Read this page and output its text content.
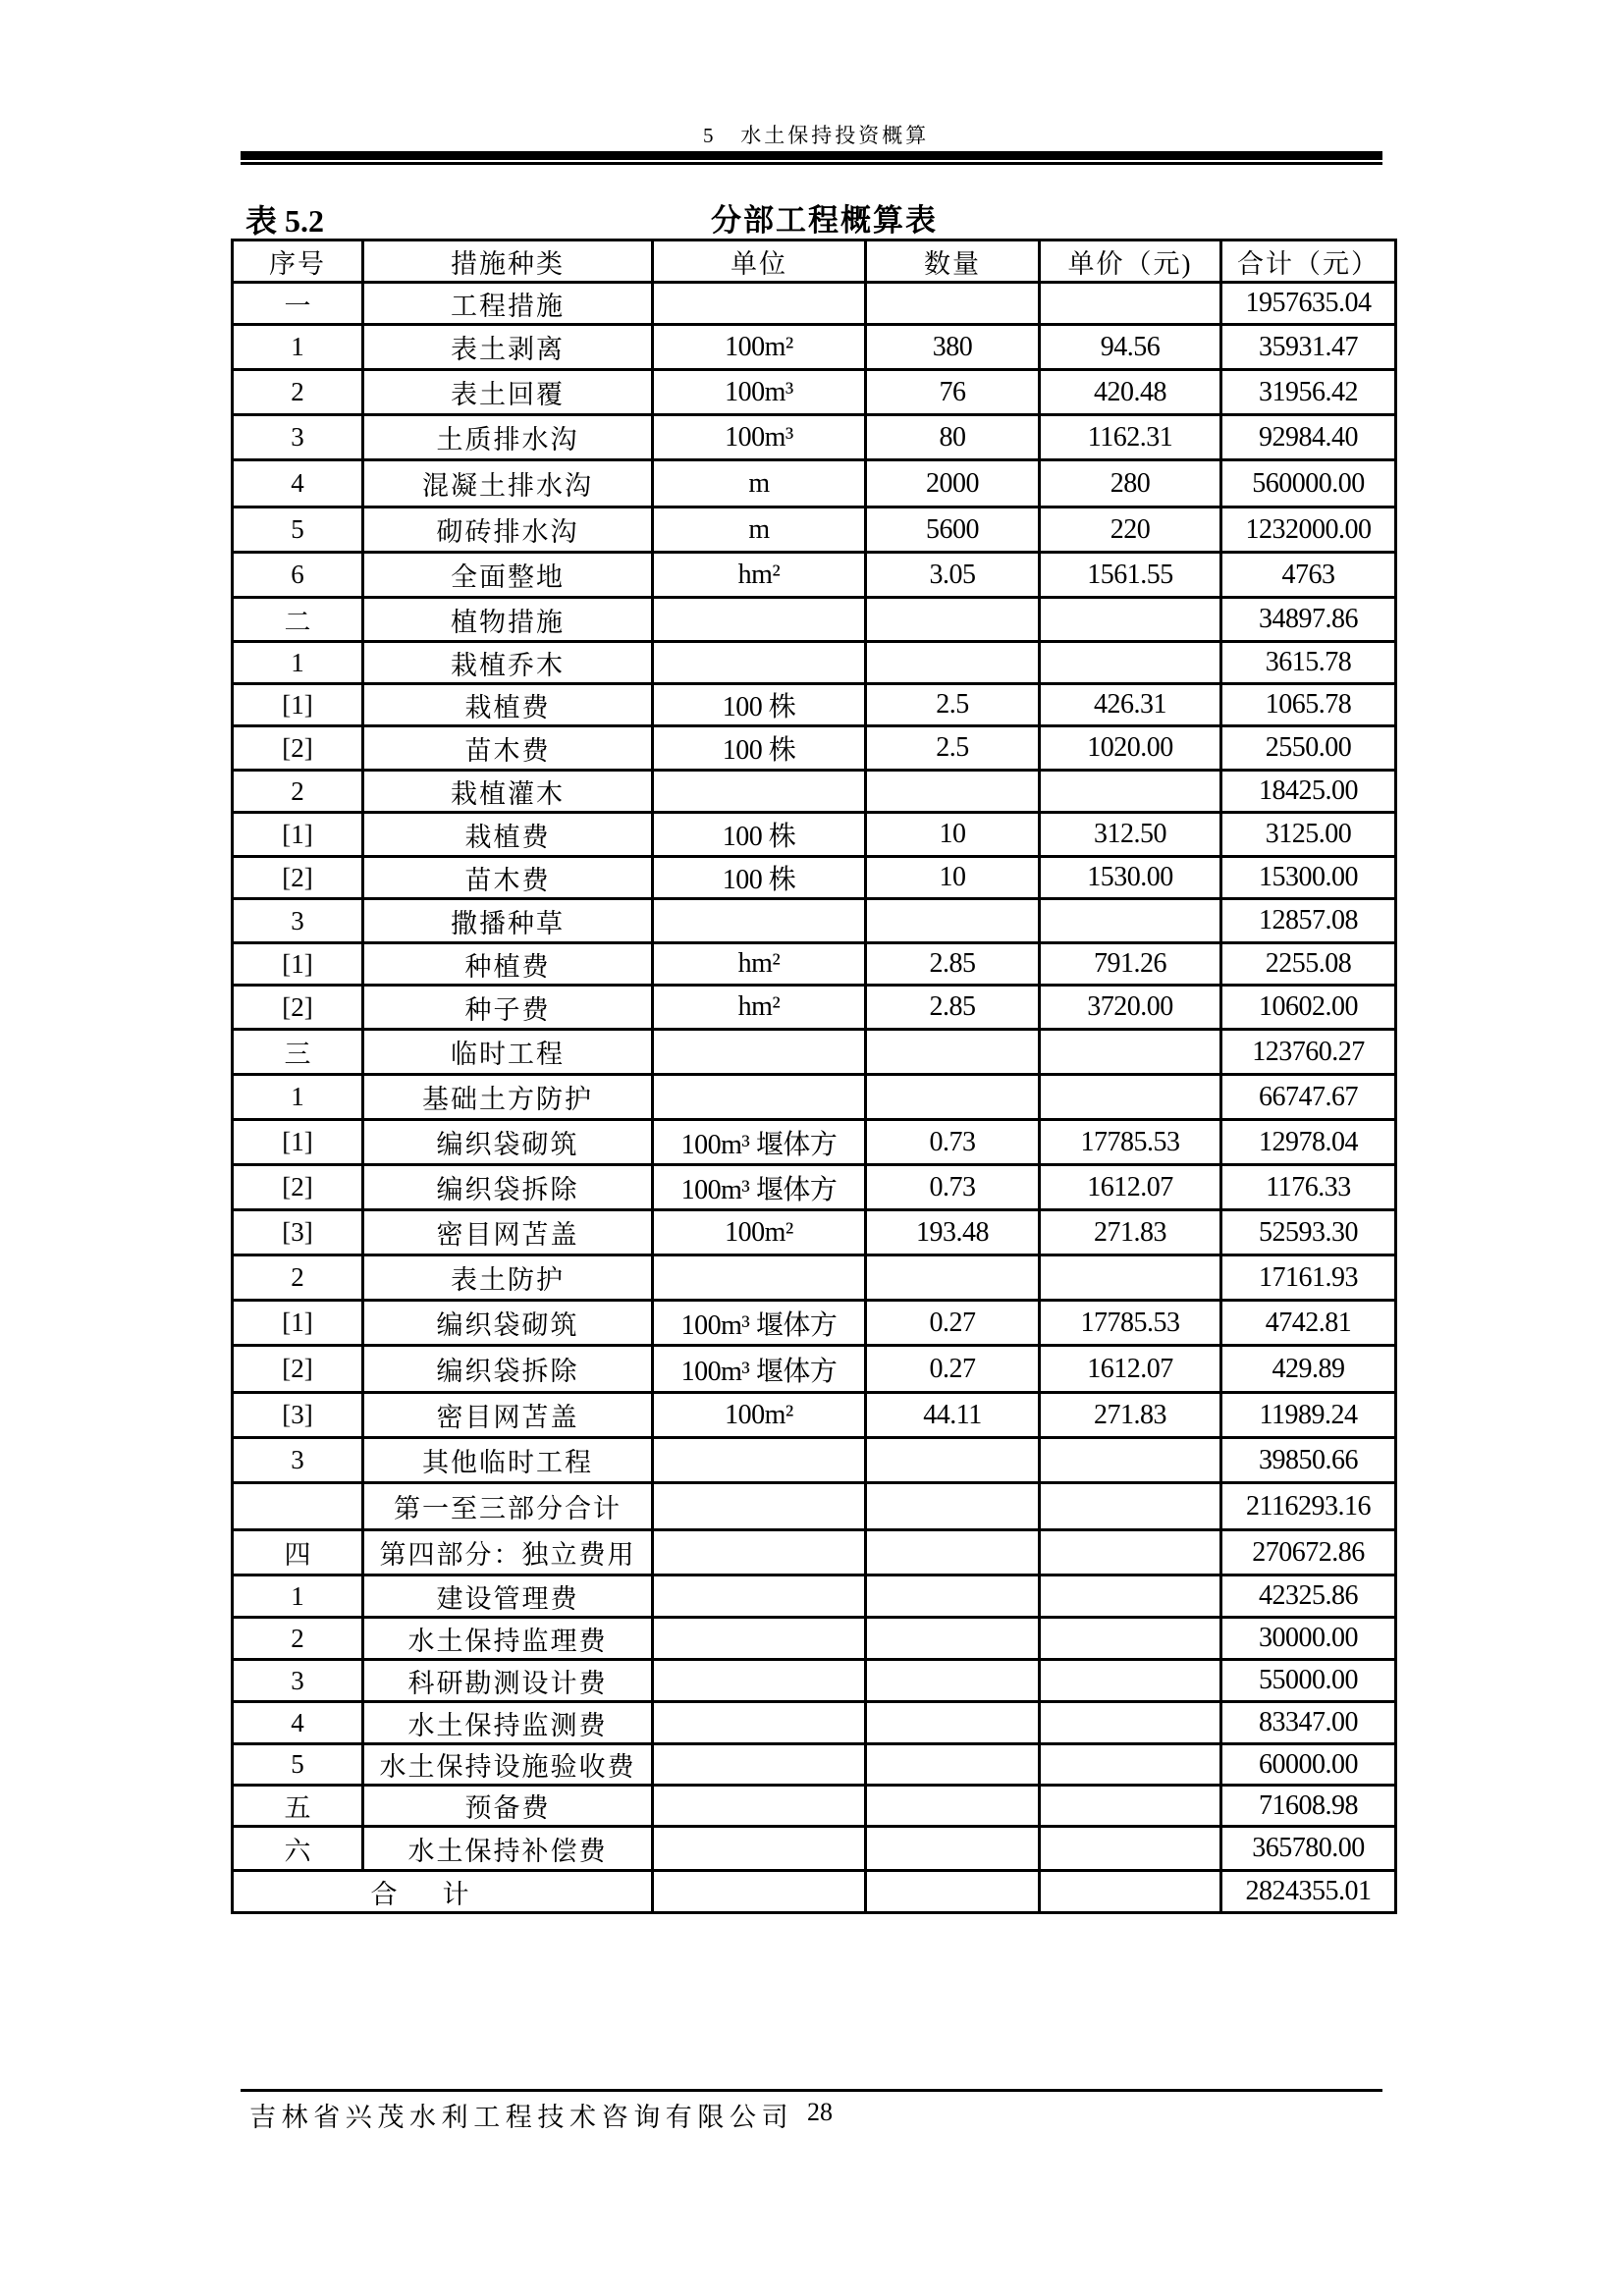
5   水土保持投资概算
表 5.2	分部工程概算表
序号	措施种类	单位	数量	单价（元)	合计（元）
一	工程措施				1957635.04
1	表土剥离	100m²	380	94.56	35931.47
2	表土回覆	100m³	76	420.48	31956.42
3	土质排水沟	100m³	80	1162.31	92984.40
4	混凝土排水沟	m	2000	280	560000.00
5	砌砖排水沟	m	5600	220	1232000.00
6	全面整地	hm²	3.05	1561.55	4763
二	植物措施				34897.86
1	栽植乔木				3615.78
[1]	栽植费	100 株	2.5	426.31	1065.78
[2]	苗木费	100 株	2.5	1020.00	2550.00
2	栽植灌木				18425.00
[1]	栽植费	100 株	10	312.50	3125.00
[2]	苗木费	100 株	10	1530.00	15300.00
3	撒播种草				12857.08
[1]	种植费	hm²	2.85	791.26	2255.08
[2]	种子费	hm²	2.85	3720.00	10602.00
三	临时工程				123760.27
1	基础土方防护				66747.67
[1]	编织袋砌筑	100m³ 堰体方	0.73	17785.53	12978.04
[2]	编织袋拆除	100m³ 堰体方	0.73	1612.07	1176.33
[3]	密目网苫盖	100m²	193.48	271.83	52593.30
2	表土防护				17161.93
[1]	编织袋砌筑	100m³ 堰体方	0.27	17785.53	4742.81
[2]	编织袋拆除	100m³ 堰体方	0.27	1612.07	429.89
[3]	密目网苫盖	100m²	44.11	271.83	11989.24
3	其他临时工程				39850.66
	第一至三部分合计				2116293.16
四	第四部分：独立费用				270672.86
1	建设管理费				42325.86
2	水土保持监理费				30000.00
3	科研勘测设计费				55000.00
4	水土保持监测费				83347.00
5	水土保持设施验收费				60000.00
五	预备费				71608.98
六	水土保持补偿费				365780.00
合计					2824355.01
吉林省兴茂水利工程技术咨询有限公司 28
